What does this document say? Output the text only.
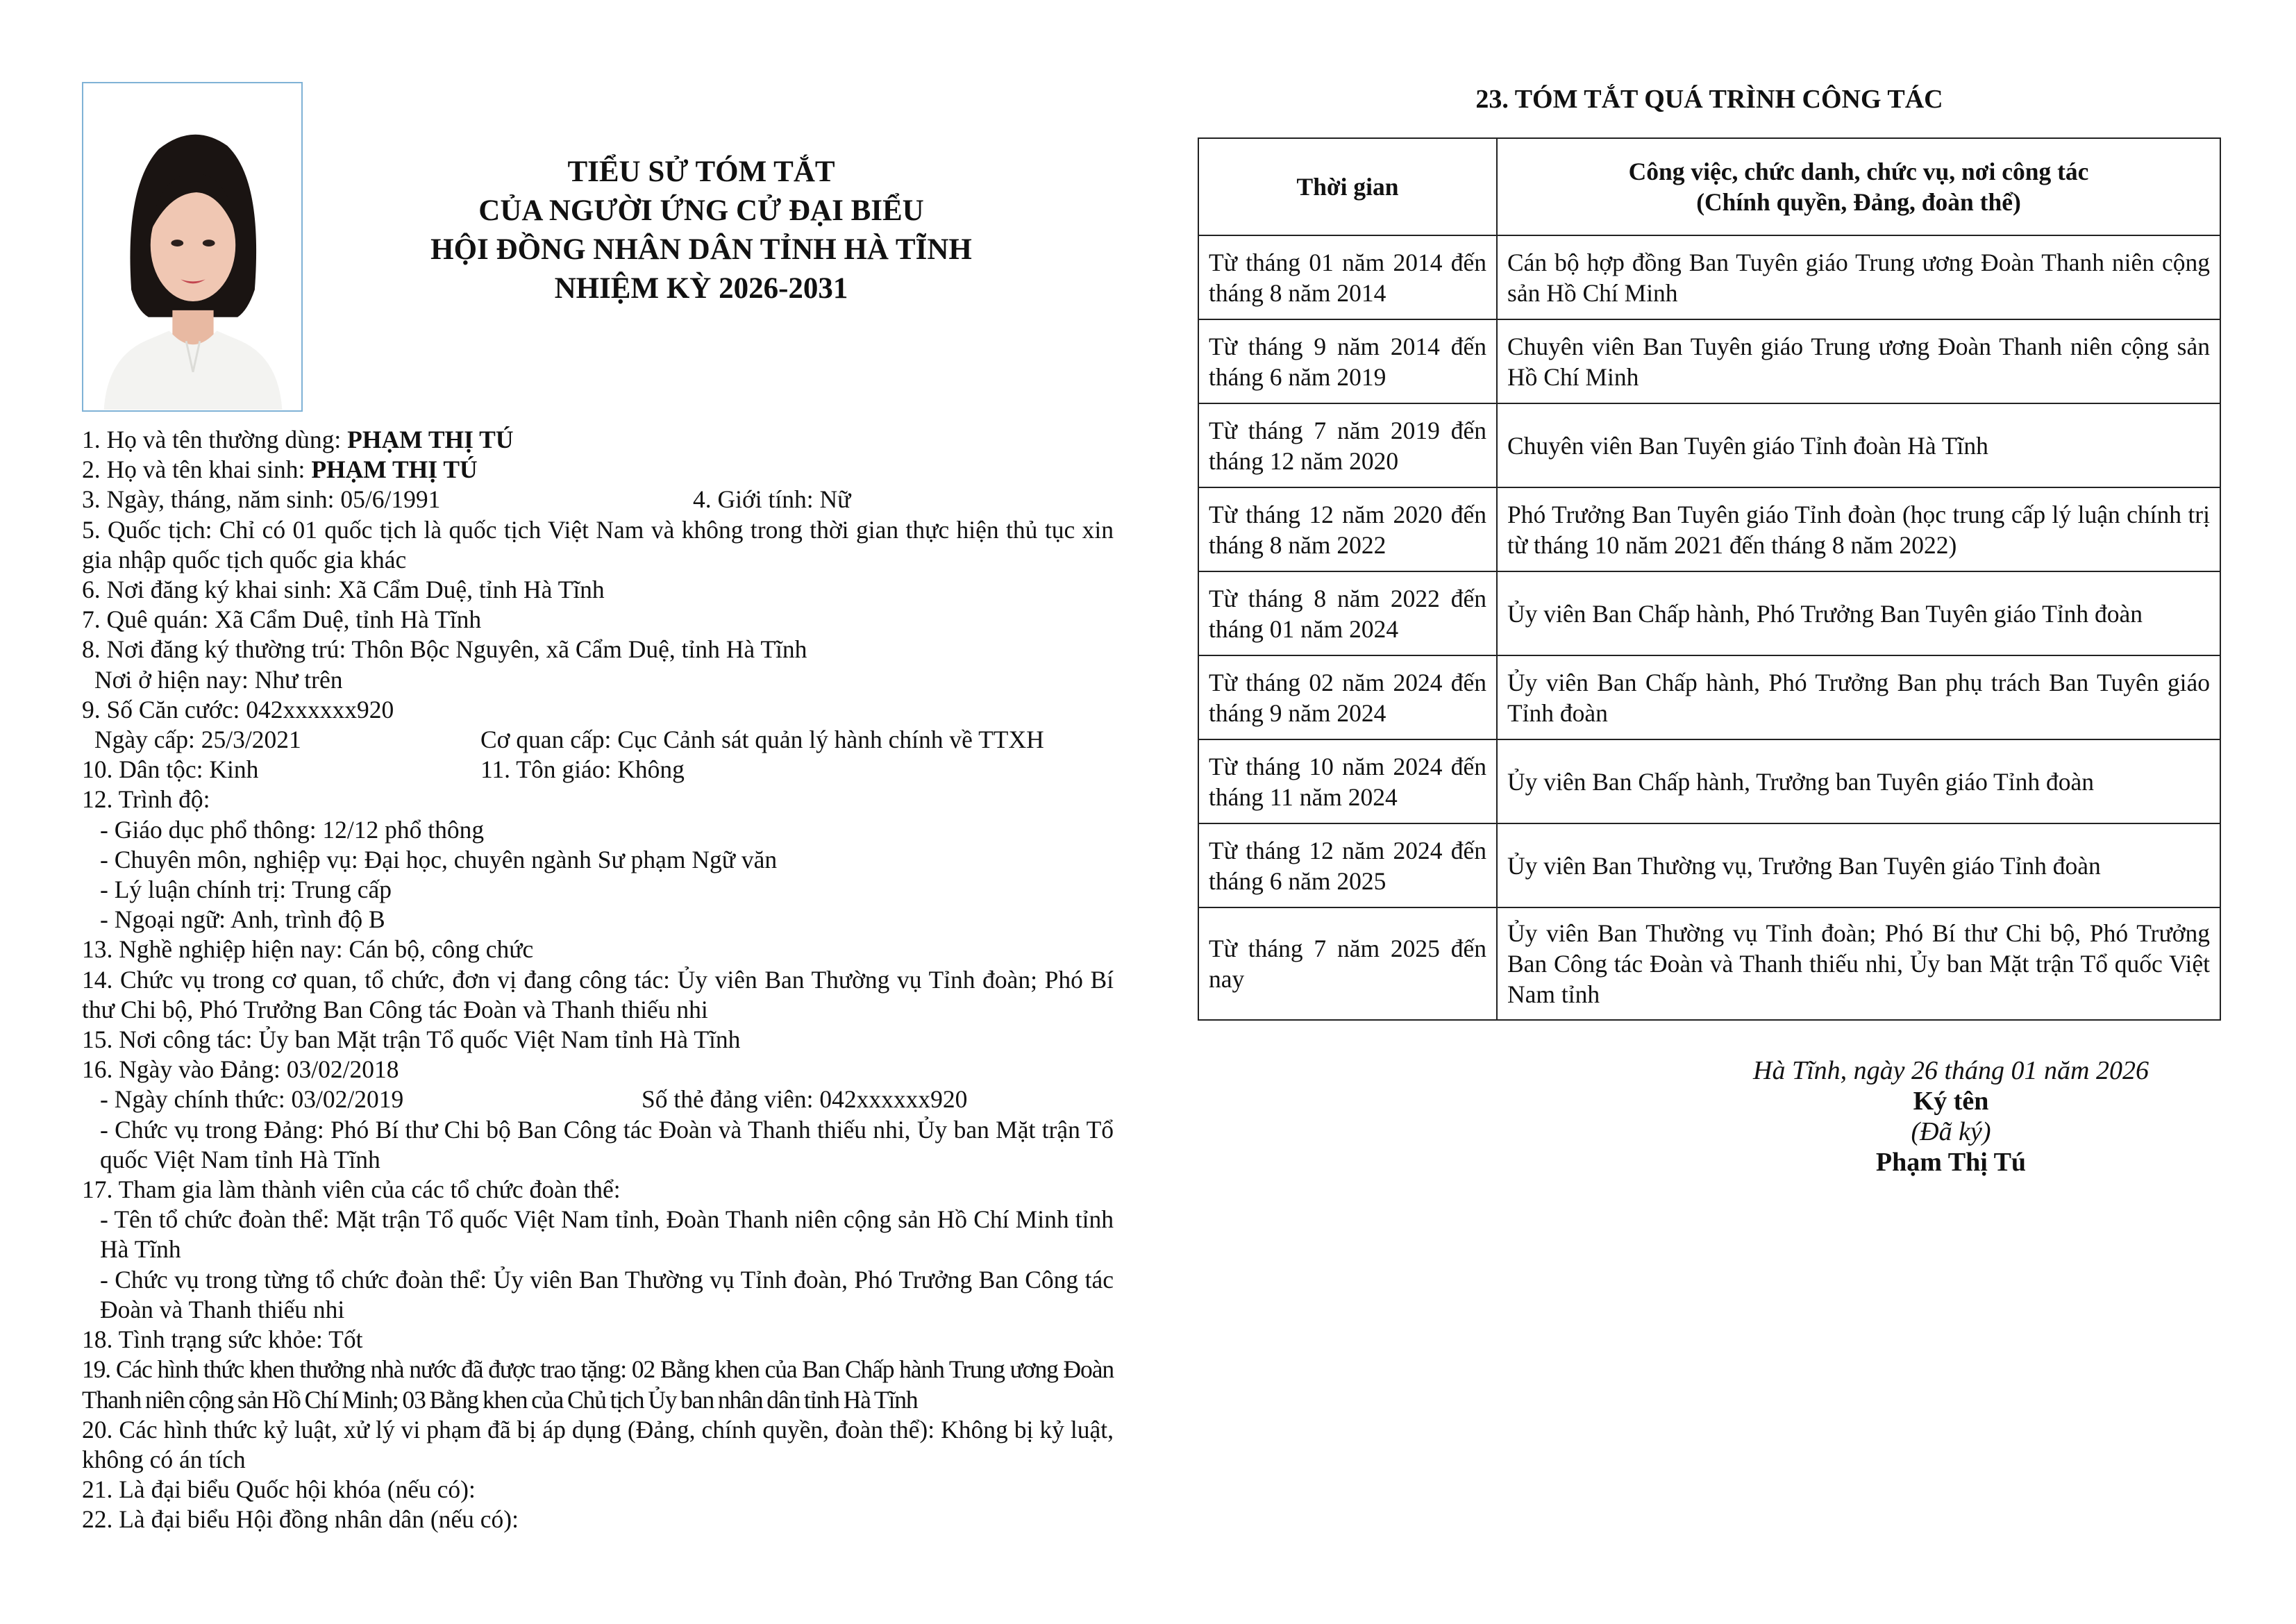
TIỂU SỬ TÓM TẮT
CỦA NGƯỜI ỨNG CỬ ĐẠI BIỂU
HỘI ĐỒNG NHÂN DÂN TỈNH HÀ TĨNH
NHIỆM KỲ 2026-2031
1. Họ và tên thường dùng: PHẠM THỊ TÚ
2. Họ và tên khai sinh: PHẠM THỊ TÚ
3. Ngày, tháng, năm sinh: 05/6/1991	4. Giới tính: Nữ
5. Quốc tịch: Chỉ có 01 quốc tịch là quốc tịch Việt Nam và không trong thời gian thực hiện thủ tục xin gia nhập quốc tịch quốc gia khác
6. Nơi đăng ký khai sinh: Xã Cẩm Duệ, tỉnh Hà Tĩnh
7. Quê quán: Xã Cẩm Duệ, tỉnh Hà Tĩnh
8. Nơi đăng ký thường trú: Thôn Bộc Nguyên, xã Cẩm Duệ, tỉnh Hà Tĩnh
Nơi ở hiện nay: Như trên
9. Số Căn cước: 042xxxxxx920
Ngày cấp: 25/3/2021	Cơ quan cấp: Cục Cảnh sát quản lý hành chính về TTXH
10. Dân tộc: Kinh	11. Tôn giáo: Không
12. Trình độ:
- Giáo dục phổ thông: 12/12 phổ thông
- Chuyên môn, nghiệp vụ: Đại học, chuyên ngành Sư phạm Ngữ văn
- Lý luận chính trị: Trung cấp
- Ngoại ngữ: Anh, trình độ B
13. Nghề nghiệp hiện nay: Cán bộ, công chức
14. Chức vụ trong cơ quan, tổ chức, đơn vị đang công tác: Ủy viên Ban Thường vụ Tỉnh đoàn; Phó Bí thư Chi bộ, Phó Trưởng Ban Công tác Đoàn và Thanh thiếu nhi
15. Nơi công tác: Ủy ban Mặt trận Tổ quốc Việt Nam tỉnh Hà Tĩnh
16. Ngày vào Đảng: 03/02/2018
- Ngày chính thức: 03/02/2019	Số thẻ đảng viên: 042xxxxxx920
- Chức vụ trong Đảng: Phó Bí thư Chi bộ Ban Công tác Đoàn và Thanh thiếu nhi, Ủy ban Mặt trận Tổ quốc Việt Nam tỉnh Hà Tĩnh
17. Tham gia làm thành viên của các tổ chức đoàn thể:
- Tên tổ chức đoàn thể: Mặt trận Tổ quốc Việt Nam tỉnh, Đoàn Thanh niên cộng sản Hồ Chí Minh tỉnh Hà Tĩnh
- Chức vụ trong từng tổ chức đoàn thể: Ủy viên Ban Thường vụ Tỉnh đoàn, Phó Trưởng Ban Công tác Đoàn và Thanh thiếu nhi
18. Tình trạng sức khỏe: Tốt
19. Các hình thức khen thưởng nhà nước đã được trao tặng: 02 Bằng khen của Ban Chấp hành Trung ương Đoàn Thanh niên cộng sản Hồ Chí Minh; 03 Bằng khen của Chủ tịch Ủy ban nhân dân tỉnh Hà Tĩnh
20. Các hình thức kỷ luật, xử lý vi phạm đã bị áp dụng (Đảng, chính quyền, đoàn thể): Không bị kỷ luật, không có án tích
21. Là đại biểu Quốc hội khóa (nếu có):
22. Là đại biểu Hội đồng nhân dân (nếu có):
23. TÓM TẮT QUÁ TRÌNH CÔNG TÁC
Thời gian	Công việc, chức danh, chức vụ, nơi công tác
(Chính quyền, Đảng, đoàn thể)

Từ tháng 01 năm 2014 đến tháng 8 năm 2014	Cán bộ hợp đồng Ban Tuyên giáo Trung ương Đoàn Thanh niên cộng sản Hồ Chí Minh
Từ tháng 9 năm 2014 đến tháng 6 năm 2019	Chuyên viên Ban Tuyên giáo Trung ương Đoàn Thanh niên cộng sản Hồ Chí Minh
Từ tháng 7 năm 2019 đến tháng 12 năm 2020	Chuyên viên Ban Tuyên giáo Tỉnh đoàn Hà Tĩnh
Từ tháng 12 năm 2020 đến tháng 8 năm 2022	Phó Trưởng Ban Tuyên giáo Tỉnh đoàn (học trung cấp lý luận chính trị từ tháng 10 năm 2021 đến tháng 8 năm 2022)
Từ tháng 8 năm 2022 đến tháng 01 năm 2024	Ủy viên Ban Chấp hành, Phó Trưởng Ban Tuyên giáo Tỉnh đoàn
Từ tháng 02 năm 2024 đến tháng 9 năm 2024	Ủy viên Ban Chấp hành, Phó Trưởng Ban phụ trách Ban Tuyên giáo Tỉnh đoàn
Từ tháng 10 năm 2024 đến tháng 11 năm 2024	Ủy viên Ban Chấp hành, Trưởng ban Tuyên giáo Tỉnh đoàn
Từ tháng 12 năm 2024 đến tháng 6 năm 2025	Ủy viên Ban Thường vụ, Trưởng Ban Tuyên giáo Tỉnh đoàn
Từ tháng 7 năm 2025 đến nay	Ủy viên Ban Thường vụ Tỉnh đoàn; Phó Bí thư Chi bộ, Phó Trưởng Ban Công tác Đoàn và Thanh thiếu nhi, Ủy ban Mặt trận Tổ quốc Việt Nam tỉnh
Hà Tĩnh, ngày 26 tháng 01 năm 2026
Ký tên
(Đã ký)
Phạm Thị Tú
